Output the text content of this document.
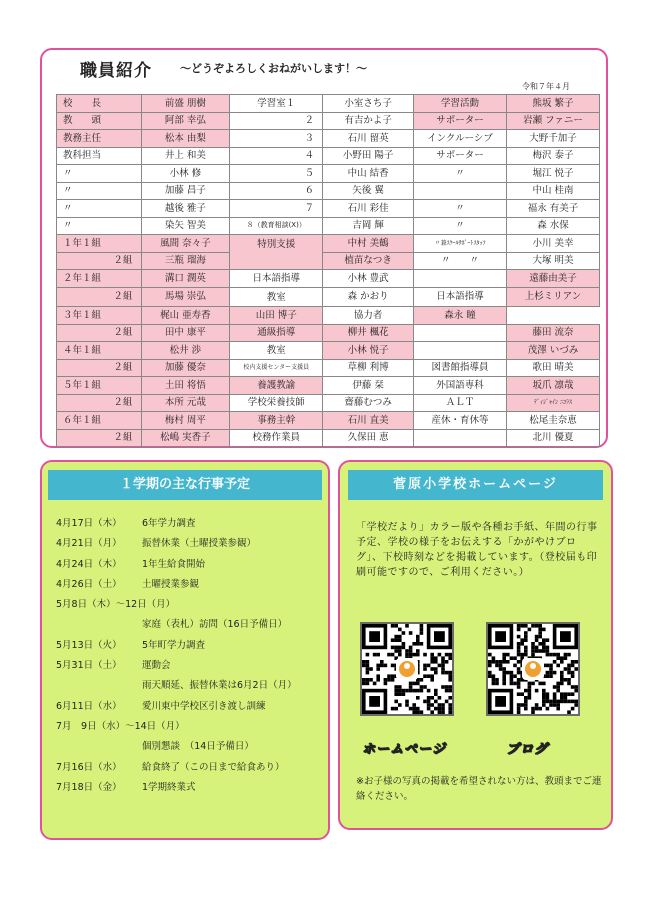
職員紹介	～どうぞよろしくおねがいします！～
令和７年４月
校　　長	前盛 朋樹	学習室１	小室さち子	学習活動	熊坂 繁子
教　　頭	阿部 幸弘	２	有吉かよ子	サポーター	岩瀬 ファニー
教務主任	松本 由梨	３	石川 留英	インクルーシブ	大野千加子
教科担当	井上 和美	４	小野田 陽子	サポーター	梅沢 泰子
〃	小林 修	５	中山 結香	〃	堀江 悦子
〃	加藤 昌子	６	矢後 翼		中山 桂南
〃	越後 雅子	７	石川 彩佳	〃	福永 有美子
〃	染矢 智美	８（教育相談(X)）	吉岡 輝	〃	森 水保
１年１組	風間 奈々子	特別支援	中村 美鶴	〃兼ｽｸｰﾙｻﾎﾟｰﾄｽﾀｯﾌ	小川 美幸
２組	三瓶 瑠海		植苗なつき	〃　　〃	大塚 明美
２年１組	溝口 潤英	日本語指導	小林 豊武		遠藤由美子
２組	馬場 崇弘	教室	森 かおり	日本語指導	上杉ミリアン
３年１組	梶山 亜寿香	山田 博子	協力者	森永 瞳	
２組	田中 康平	通級指導	柳井 楓花		藤田 流奈
４年１組	松井 渉	教室	小林 悦子		茂澤 いづみ
２組	加藤 優奈	校内支援センター支援員	草柳 利博	図書館指導員	歌田 晴美
５年１組	土田 将悟	養護教諭	伊藤 栞	外国語専科	坂爪 凛哉
２組	本所 元哉	学校栄養技師	齋藤むつみ	ＡＬＴ	ﾃﾞｨｼﾞｬｲﾝ ﾆｺﾗｽ
６年１組	梅村 周平	事務主幹	石川 直美	産休・育休等	松尾圭奈恵
２組	松嶋 実香子	校務作業員	久保田 恵		北川 優夏
１学期の主な行事予定
4月17日（木） 6年学力調査
4月21日（月） 振替休業（土曜授業参観）
4月24日（木） 1年生給食開始
4月26日（土） 土曜授業参観
5月8日（木）～12日（月）
家庭（表札）訪問（16日予備日）
5月13日（火） 5年町学力調査
5月31日（土） 運動会
雨天順延、振替休業は6月2日（月）
6月11日（水） 愛川東中学校区引き渡し訓練
7月　9日（水）～14日（月）
個別懇談　（14日予備日）
7月16日（水） 給食終了（この日まで給食あり）
7月18日（金） 1学期終業式
菅原小学校ホームページ
「学校だより」カラー版や各種お手紙、年間の行事予定、学校の様子をお伝えする「かがやけブログ」、下校時刻などを掲載しています。（登校届も印刷可能ですので、ご利用ください。）
ホームページ	ブログ
※お子様の写真の掲載を希望されない方は、教頭までご連絡ください。
